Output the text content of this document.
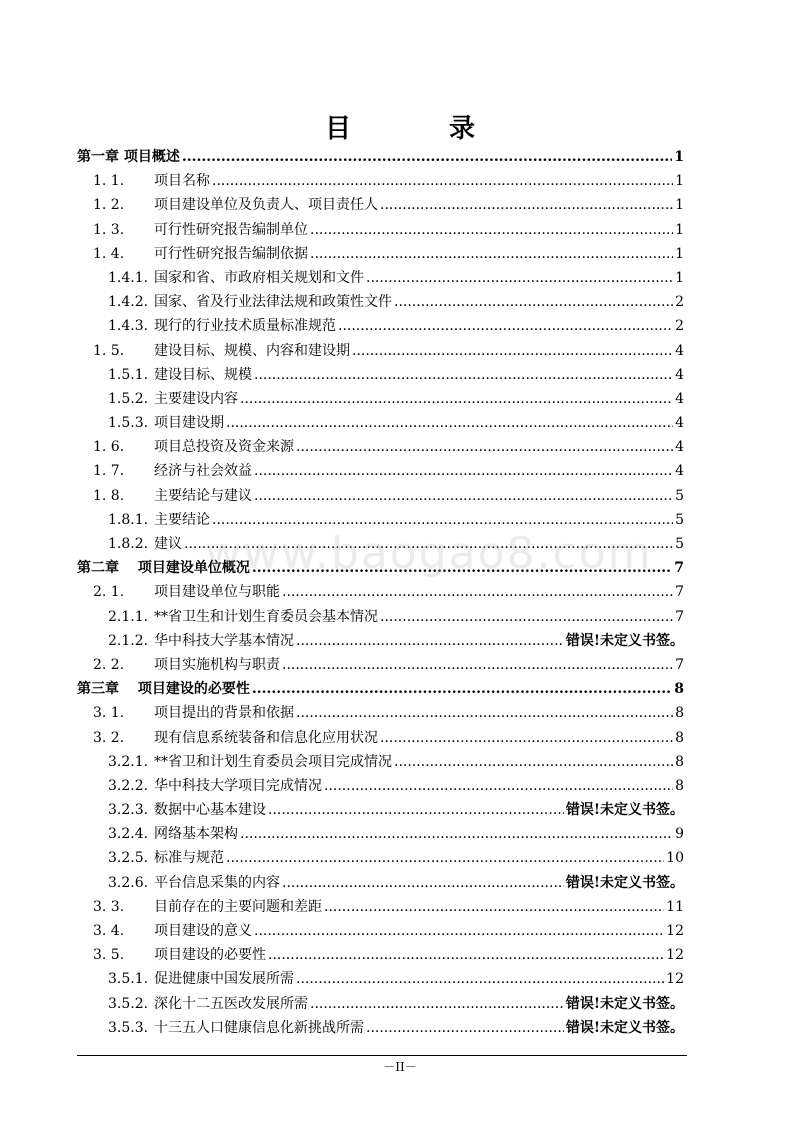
目　录
第一章 项目概述 .....	1
1. 1.	项目名称 .....	1
1. 2.	项目建设单位及负责人、项目责任人 .....	1
1. 3.	可行性研究报告编制单位 .....	1
1. 4.	可行性研究报告编制依据 .....	1
1.4.1. 国家和省、市政府相关规划和文件 .....	1
1.4.2. 国家、省及行业法律法规和政策性文件 .....	2
1.4.3. 现行的行业技术质量标准规范 .....	2
1. 5.	建设目标、规模、内容和建设期 .....	4
1.5.1. 建设目标、规模 .....	4
1.5.2. 主要建设内容 .....	4
1.5.3. 项目建设期 .....	4
1. 6.	项目总投资及资金来源 .....	4
1. 7.	经济与社会效益 .....	4
1. 8.	主要结论与建议 .....	5
1.8.1. 主要结论 .....	5
1.8.2. 建议 .....	5
第二章　 项目建设单位概况 .....	7
2. 1.	项目建设单位与职能 .....	7
2.1.1. **省卫生和计划生育委员会基本情况 .....	7
2.1.2. 华中科技大学基本情况 .....	错误!未定义书签。
2. 2.	项目实施机构与职责 .....	7
第三章　 项目建设的必要性 .....	8
3. 1.	项目提出的背景和依据 .....	8
3. 2.	现有信息系统装备和信息化应用状况 .....	8
3.2.1. **省卫和计划生育委员会项目完成情况 .....	8
3.2.2. 华中科技大学项目完成情况 .....	8
3.2.3. 数据中心基本建设 .....	错误!未定义书签。
3.2.4. 网络基本架构 .....	9
3.2.5. 标准与规范 .....	10
3.2.6. 平台信息采集的内容 .....	错误!未定义书签。
3. 3.	目前存在的主要问题和差距 .....	11
3. 4.	项目建设的意义 .....	12
3. 5.	项目建设的必要性 .....	12
3.5.1. 促进健康中国发展所需 .....	12
3.5.2. 深化十二五医改发展所需 .....	错误!未定义书签。
3.5.3. 十三五人口健康信息化新挑战所需 .....	错误!未定义书签。
www.baogao8.com
－II－
